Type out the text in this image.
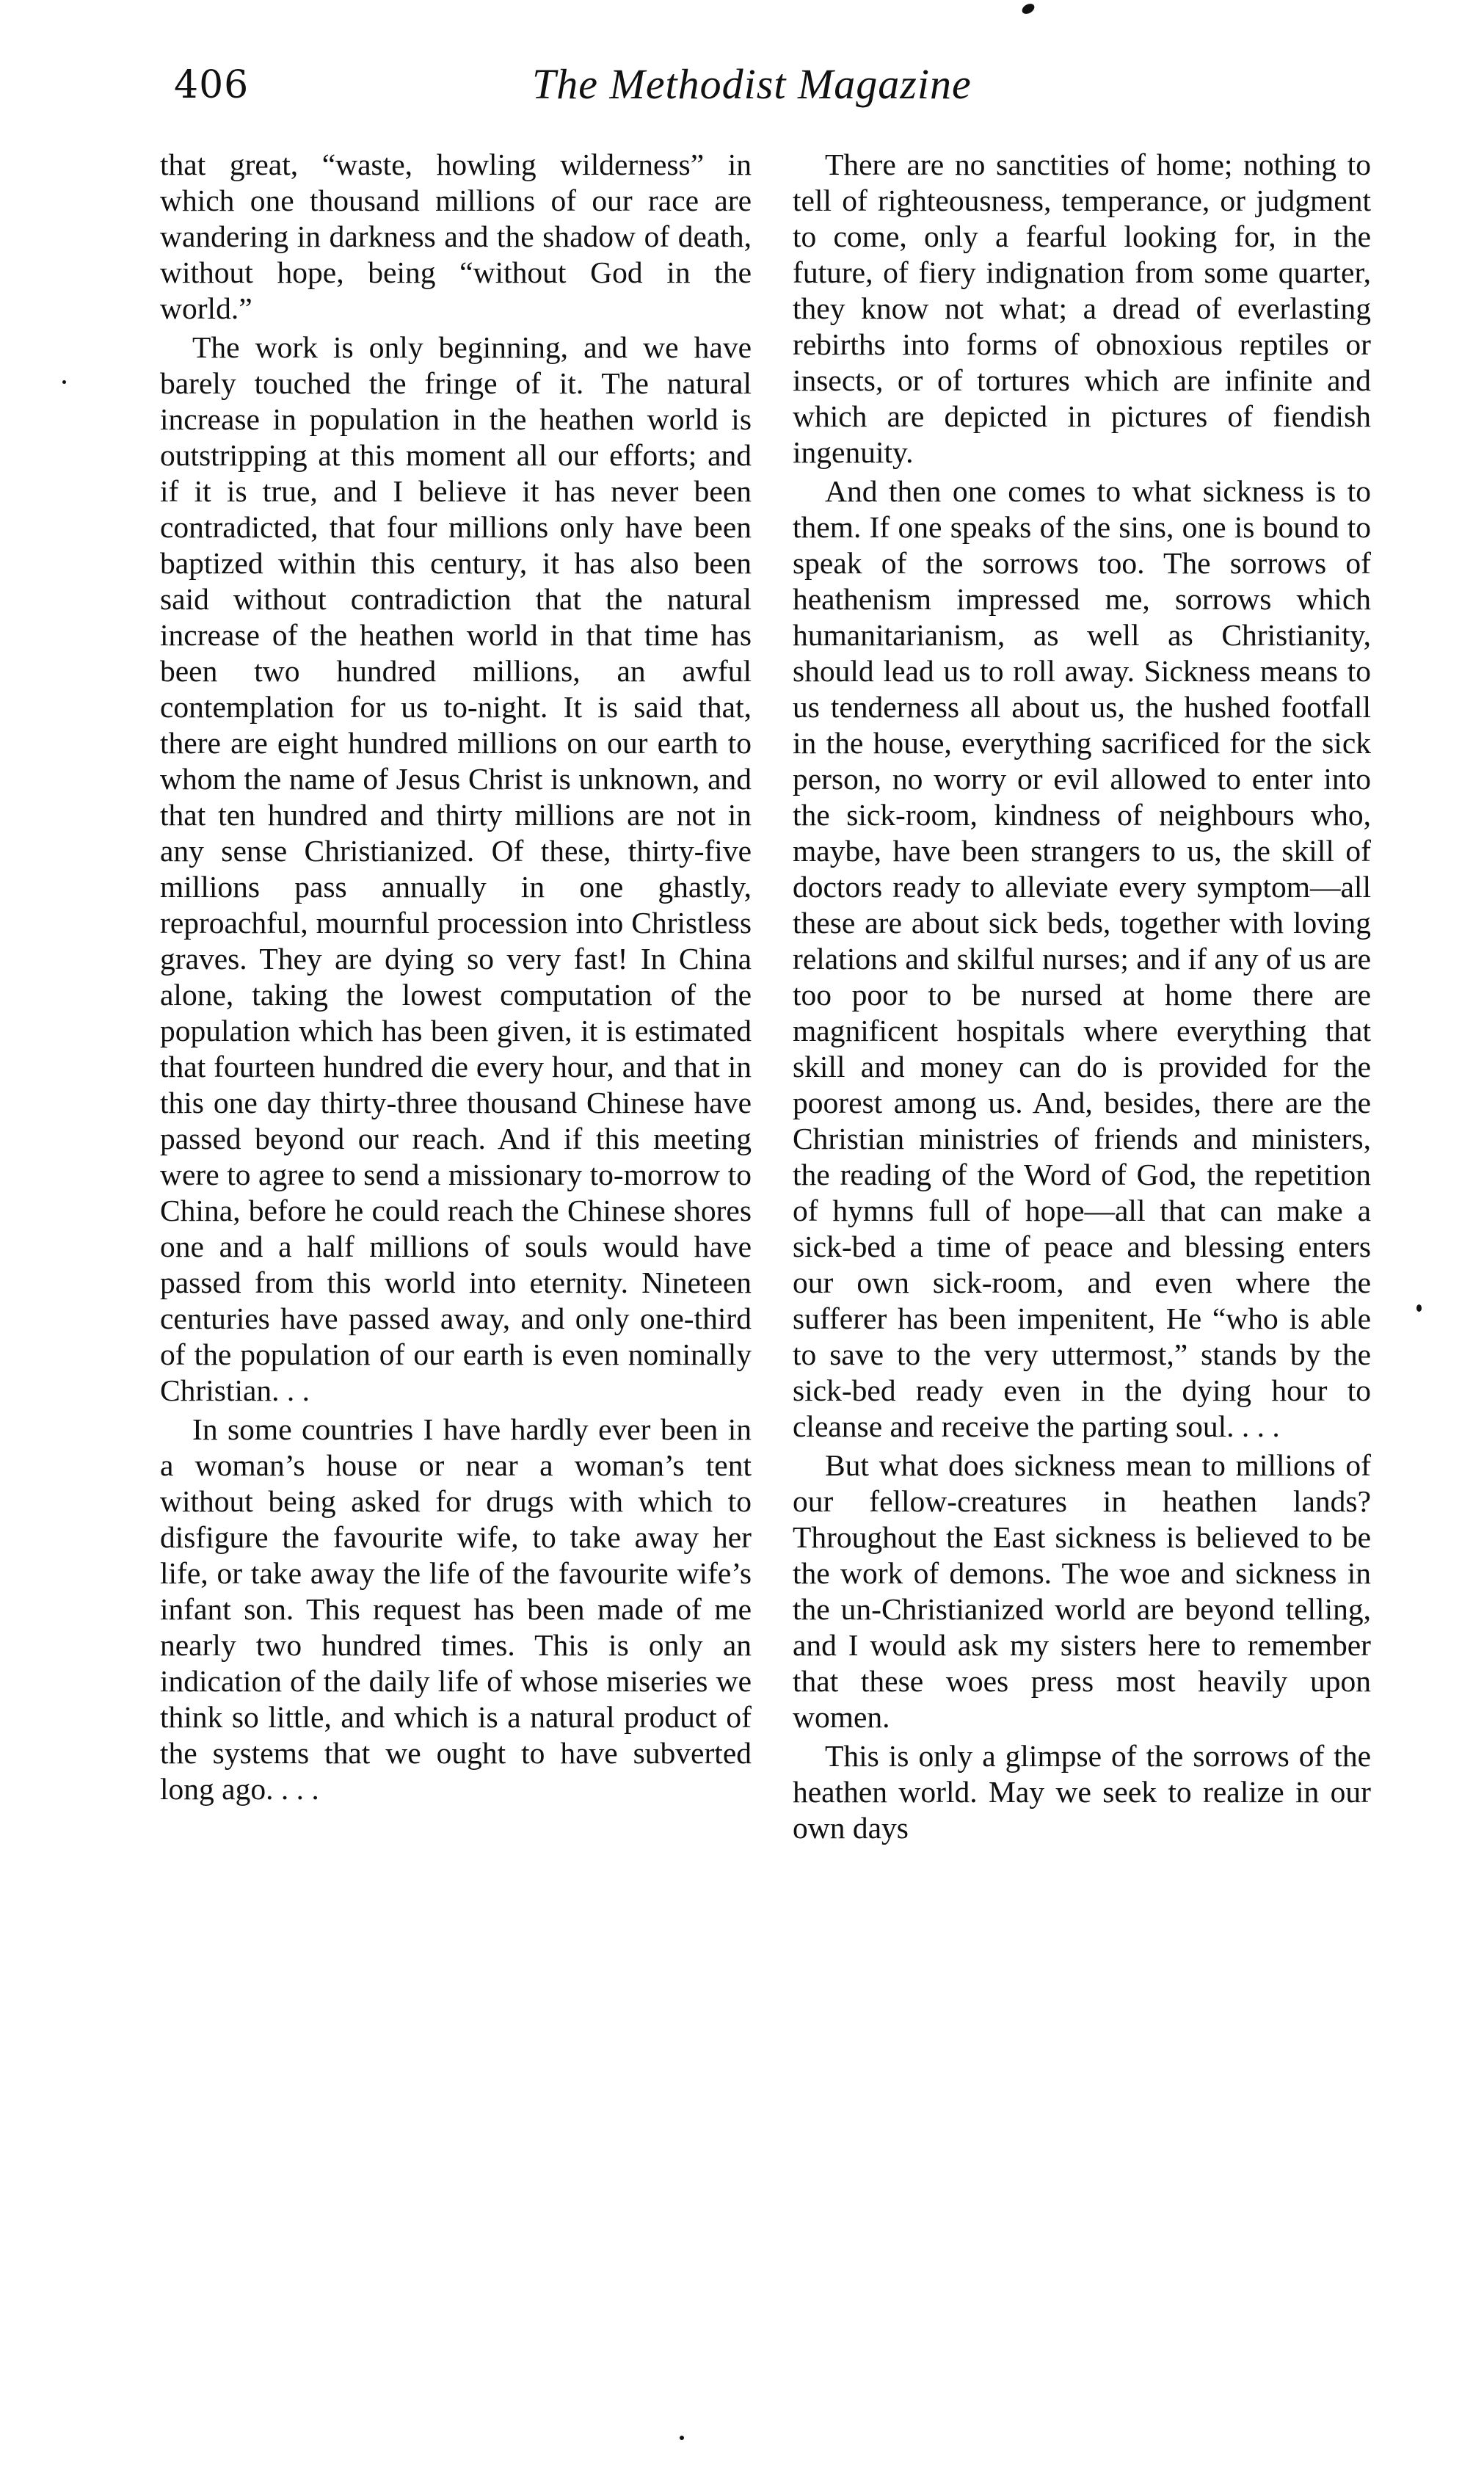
406	The Methodist Magazine

that great, “waste, howling wilderness” in which one thousand millions of our race are wandering in darkness and the shadow of death, without hope, being “without God in the world.”

The work is only beginning, and we have barely touched the fringe of it. The natural increase in population in the heathen world is outstripping at this moment all our efforts; and if it is true, and I believe it has never been contradicted, that four millions only have been baptized within this century, it has also been said without contradiction that the natural increase of the heathen world in that time has been two hundred millions, an awful contemplation for us to-night. It is said that, there are eight hundred millions on our earth to whom the name of Jesus Christ is unknown, and that ten hundred and thirty millions are not in any sense Christianized. Of these, thirty-five millions pass annually in one ghastly, reproachful, mournful procession into Christless graves. They are dying so very fast! In China alone, taking the lowest computation of the population which has been given, it is estimated that fourteen hundred die every hour, and that in this one day thirty-three thousand Chinese have passed beyond our reach. And if this meeting were to agree to send a missionary to-morrow to China, before he could reach the Chinese shores one and a half millions of souls would have passed from this world into eternity. Nineteen centuries have passed away, and only one-third of the population of our earth is even nominally Christian. . .

In some countries I have hardly ever been in a woman’s house or near a woman’s tent without being asked for drugs with which to disfigure the favourite wife, to take away her life, or take away the life of the favourite wife’s infant son. This request has been made of me nearly two hundred times. This is only an indication of the daily life of whose miseries we think so little, and which is a natural product of the systems that we ought to have subverted long ago. . . .

There are no sanctities of home; nothing to tell of righteousness, temperance, or judgment to come, only a fearful looking for, in the future, of fiery indignation from some quarter, they know not what; a dread of everlasting rebirths into forms of obnoxious reptiles or insects, or of tortures which are infinite and which are depicted in pictures of fiendish ingenuity.

And then one comes to what sickness is to them. If one speaks of the sins, one is bound to speak of the sorrows too. The sorrows of heathenism impressed me, sorrows which humanitarianism, as well as Christianity, should lead us to roll away. Sickness means to us tenderness all about us, the hushed footfall in the house, everything sacrificed for the sick person, no worry or evil allowed to enter into the sick-room, kindness of neighbours who, maybe, have been strangers to us, the skill of doctors ready to alleviate every symptom—all these are about sick beds, together with loving relations and skilful nurses; and if any of us are too poor to be nursed at home there are magnificent hospitals where everything that skill and money can do is provided for the poorest among us. And, besides, there are the Christian ministries of friends and ministers, the reading of the Word of God, the repetition of hymns full of hope—all that can make a sick-bed a time of peace and blessing enters our own sick-room, and even where the sufferer has been impenitent, He “who is able to save to the very uttermost,” stands by the sick-bed ready even in the dying hour to cleanse and receive the parting soul. . . .

But what does sickness mean to millions of our fellow-creatures in heathen lands? Throughout the East sickness is believed to be the work of demons. The woe and sickness in the un-Christianized world are beyond telling, and I would ask my sisters here to remember that these woes press most heavily upon women.

This is only a glimpse of the sorrows of the heathen world. May we seek to realize in our own days
